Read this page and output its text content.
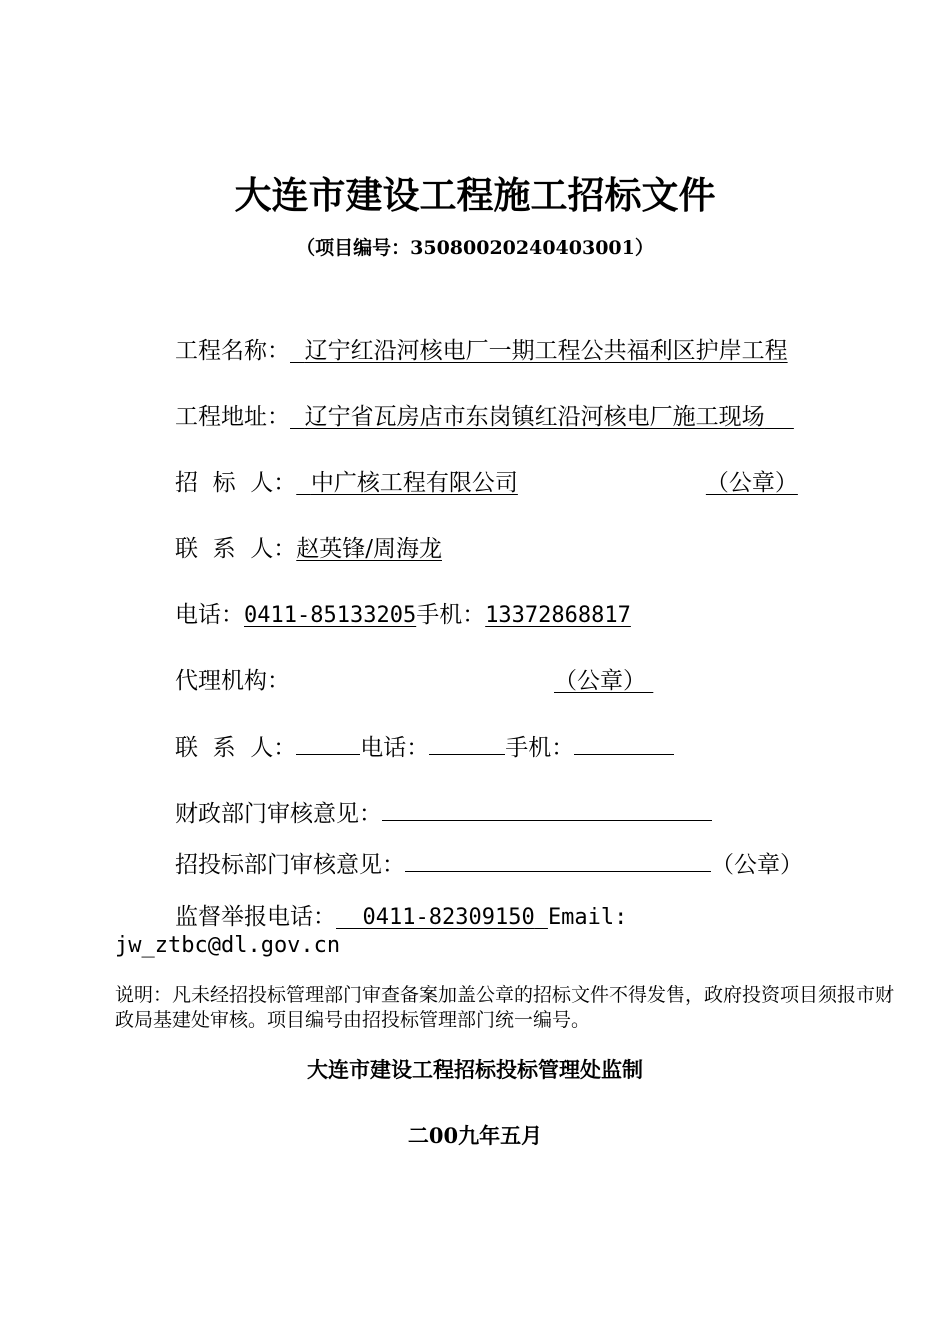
大连市建设工程施工招标文件
（项目编号：35080020240403001）
工程名称： 辽宁红沿河核电厂一期工程公共福利区护岸工程
工程地址： 辽宁省瓦房店市东岗镇红沿河核电厂施工现场
招  标  人： 中广核工程有限公司	（公章）
联  系  人：赵英锋/周海龙
电话：0411-85133205手机：13372868817
代理机构：	（公章）
联  系  人：	电话：	手机：
财政部门审核意见：
招投标部门审核意见：	（公章）
监督举报电话： 0411-82309150 Email:
jw_ztbc@dl.gov.cn
说明：凡未经招投标管理部门审查备案加盖公章的招标文件不得发售，政府投资项目须报市财政局基建处审核。项目编号由招投标管理部门统一编号。
大连市建设工程招标投标管理处监制
二00九年五月
